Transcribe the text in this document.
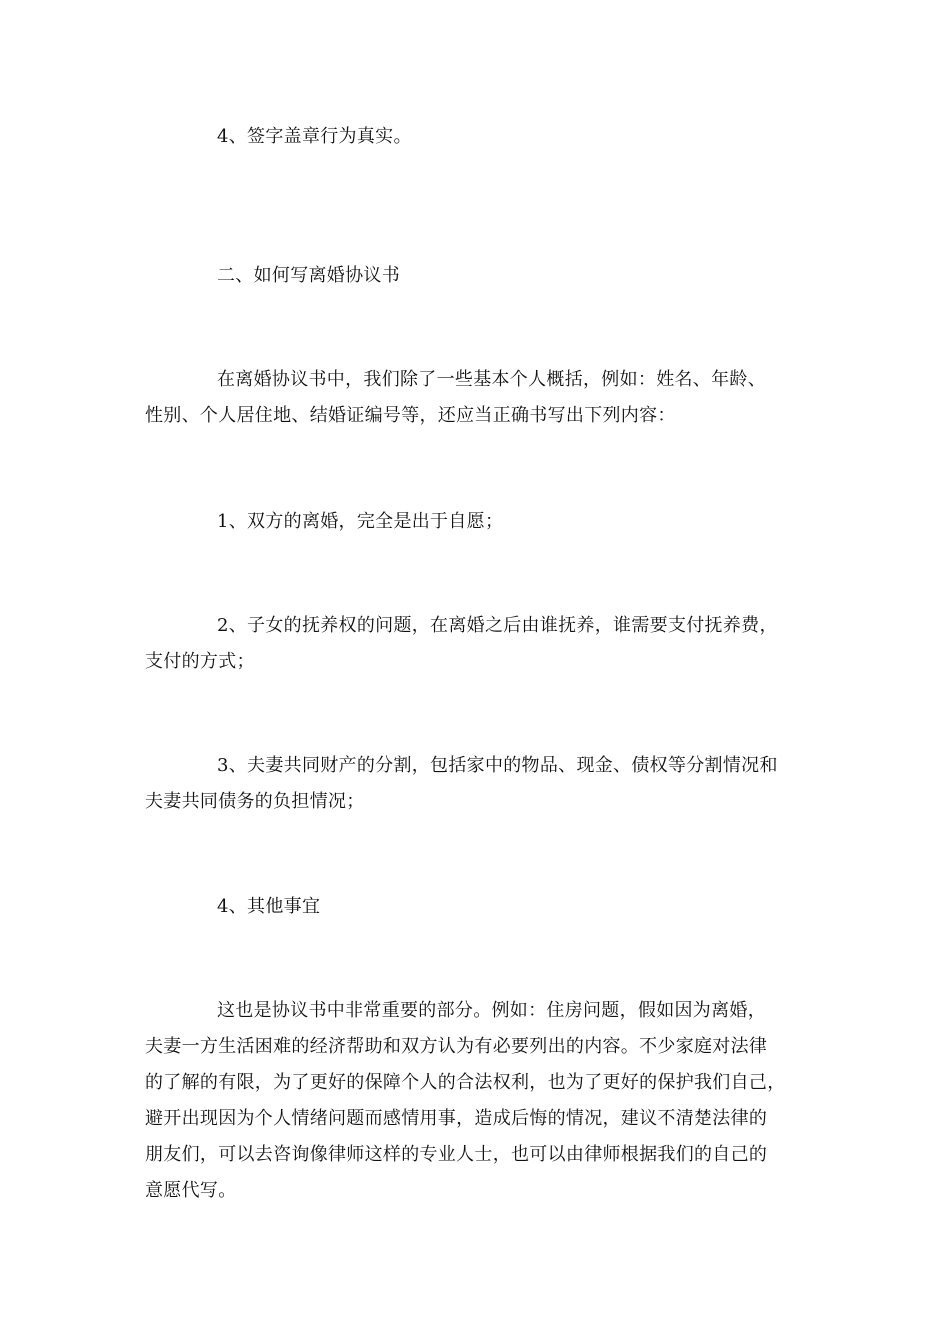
4、签字盖章行为真实。

二、如何写离婚协议书

在离婚协议书中，我们除了一些基本个人概括，例如：姓名、年龄、
性别、个人居住地、结婚证编号等，还应当正确书写出下列内容：

1、双方的离婚，完全是出于自愿；

2、子女的抚养权的问题，在离婚之后由谁抚养，谁需要支付抚养费，
支付的方式；

3、夫妻共同财产的分割，包括家中的物品、现金、债权等分割情况和
夫妻共同债务的负担情况；

4、其他事宜

这也是协议书中非常重要的部分。例如：住房问题，假如因为离婚，
夫妻一方生活困难的经济帮助和双方认为有必要列出的内容。不少家庭对法律
的了解的有限，为了更好的保障个人的合法权利，也为了更好的保护我们自己，
避开出现因为个人情绪问题而感情用事，造成后悔的情况，建议不清楚法律的
朋友们，可以去咨询像律师这样的专业人士，也可以由律师根据我们的自己的
意愿代写。
